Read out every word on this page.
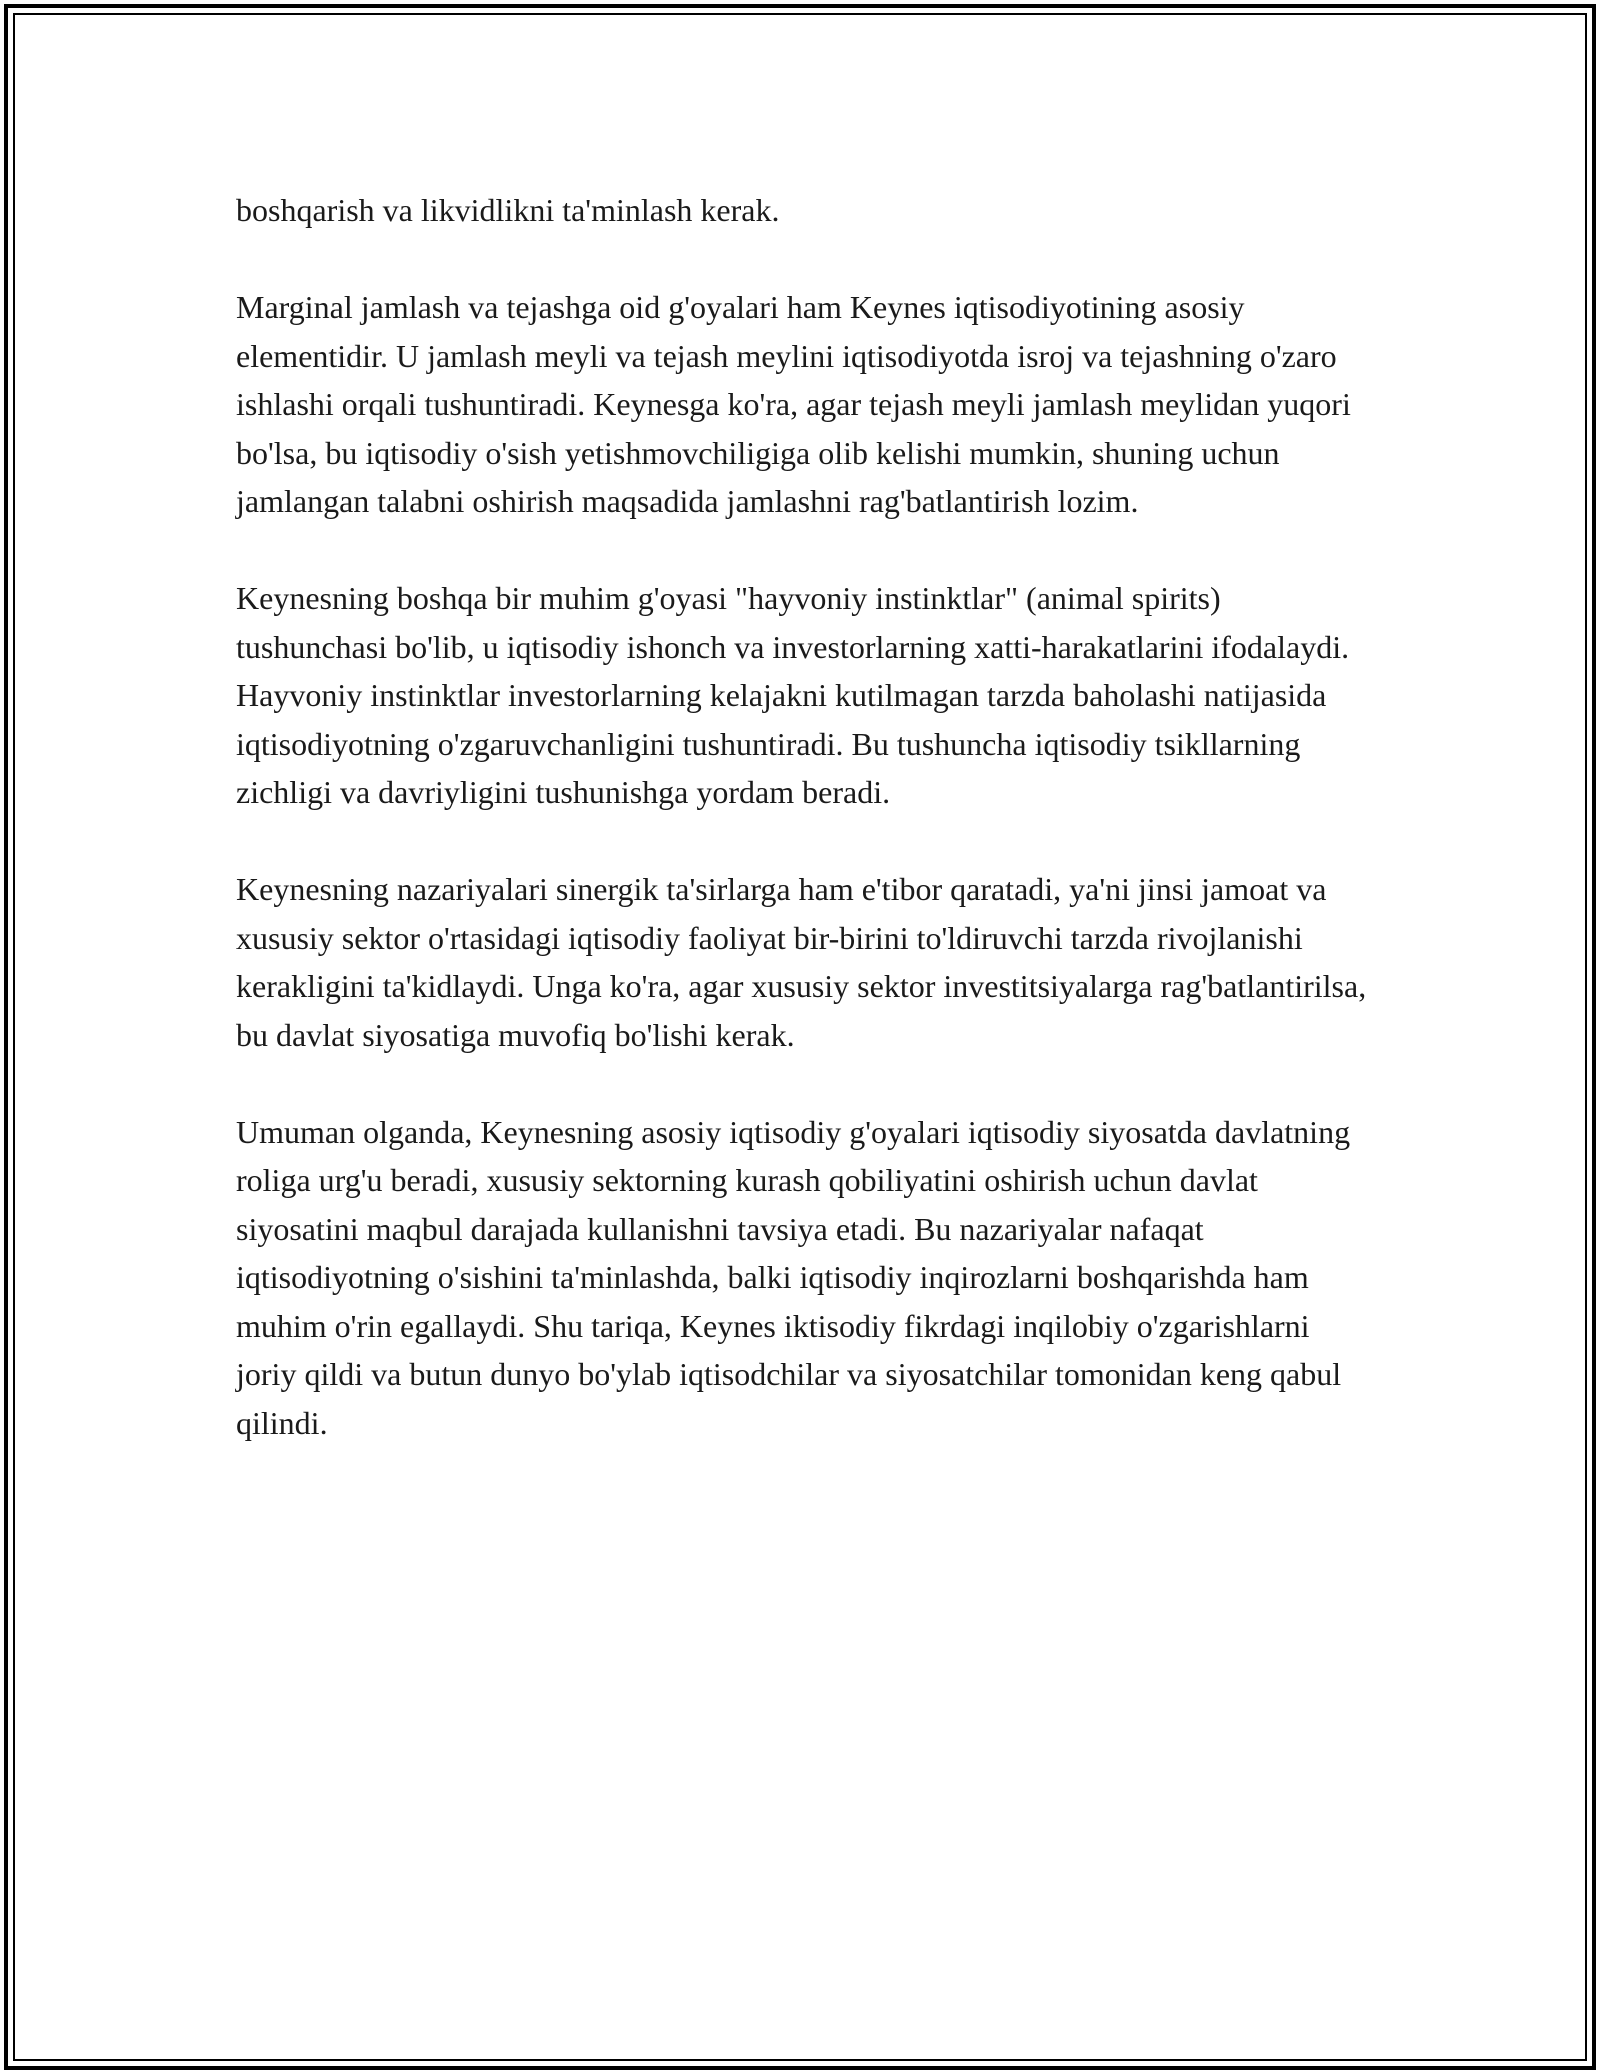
boshqarish va likvidlikni ta'minlash kerak.

Marginal jamlash va tejashga oid g'oyalari ham Keynes iqtisodiyotining asosiy elementidir. U jamlash meyli va tejash meylini iqtisodiyotda isroj va tejashning o'zaro ishlashi orqali tushuntiradi. Keynesga ko'ra, agar tejash meyli jamlash meylidan yuqori bo'lsa, bu iqtisodiy o'sish yetishmovchiligiga olib kelishi mumkin, shuning uchun jamlangan talabni oshirish maqsadida jamlashni rag'batlantirish lozim.

Keynesning boshqa bir muhim g'oyasi "hayvoniy instinktlar" (animal spirits) tushunchasi bo'lib, u iqtisodiy ishonch va investorlarning xatti-harakatlarini ifodalaydi. Hayvoniy instinktlar investorlarning kelajakni kutilmagan tarzda baholashi natijasida iqtisodiyotning o'zgaruvchanligini tushuntiradi. Bu tushuncha iqtisodiy tsikllarning zichligi va davriyligini tushunishga yordam beradi.

Keynesning nazariyalari sinergik ta'sirlarga ham e'tibor qaratadi, ya'ni jinsi jamoat va xususiy sektor o'rtasidagi iqtisodiy faoliyat bir-birini to'ldiruvchi tarzda rivojlanishi kerakligini ta'kidlaydi. Unga ko'ra, agar xususiy sektor investitsiyalarga rag'batlantirilsa, bu davlat siyosatiga muvofiq bo'lishi kerak.

Umuman olganda, Keynesning asosiy iqtisodiy g'oyalari iqtisodiy siyosatda davlatning roliga urg'u beradi, xususiy sektorning kurash qobiliyatini oshirish uchun davlat siyosatini maqbul darajada kullanishni tavsiya etadi. Bu nazariyalar nafaqat iqtisodiyotning o'sishini ta'minlashda, balki iqtisodiy inqirozlarni boshqarishda ham muhim o'rin egallaydi. Shu tariqa, Keynes iktisodiy fikrdagi inqilobiy o'zgarishlarni joriy qildi va butun dunyo bo'ylab iqtisodchilar va siyosatchilar tomonidan keng qabul qilindi.
